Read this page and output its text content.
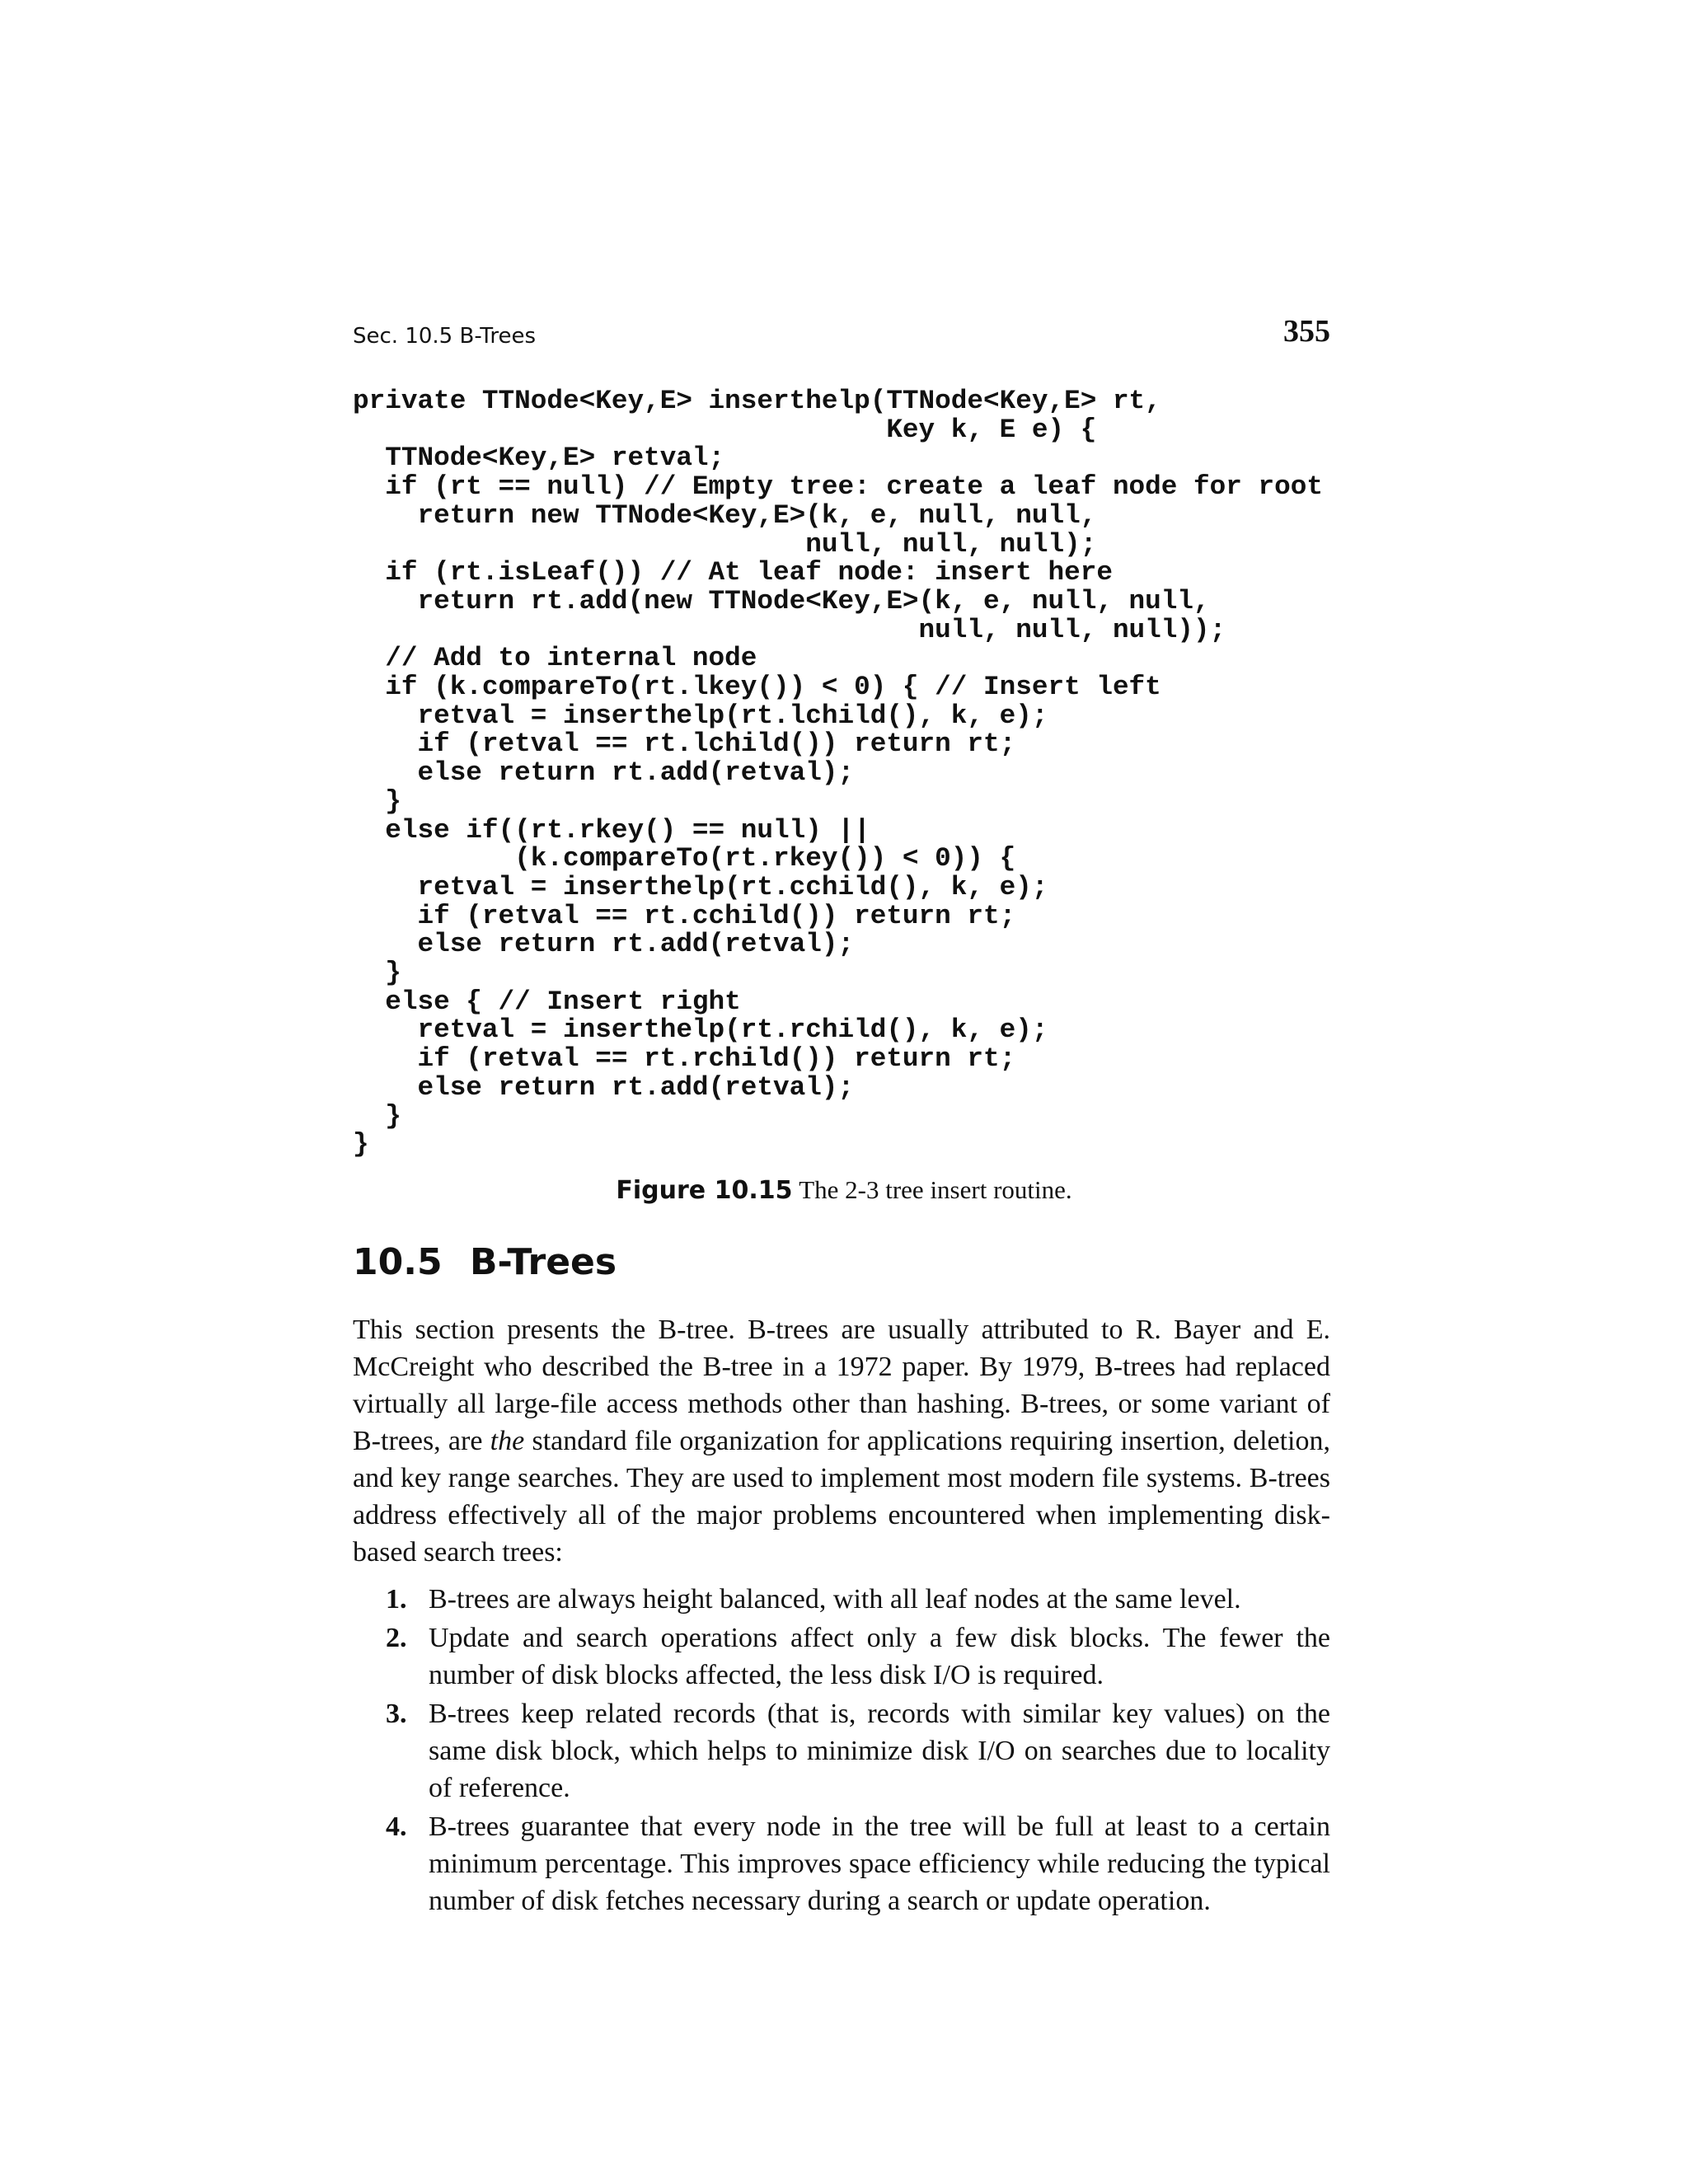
Sec. 10.5 B-Trees	355
private TTNode<Key,E> inserthelp(TTNode<Key,E> rt,
Key k, E e) {
TTNode<Key,E> retval;
if (rt == null) // Empty tree: create a leaf node for root
return new TTNode<Key,E>(k, e, null, null,
null, null, null);
if (rt.isLeaf()) // At leaf node: insert here
return rt.add(new TTNode<Key,E>(k, e, null, null,
null, null, null));
// Add to internal node
if (k.compareTo(rt.lkey()) < 0) { // Insert left
retval = inserthelp(rt.lchild(), k, e);
if (retval == rt.lchild()) return rt;
else return rt.add(retval);
}
else if((rt.rkey() == null) ||
(k.compareTo(rt.rkey()) < 0)) {
retval = inserthelp(rt.cchild(), k, e);
if (retval == rt.cchild()) return rt;
else return rt.add(retval);
}
else { // Insert right
retval = inserthelp(rt.rchild(), k, e);
if (retval == rt.rchild()) return rt;
else return rt.add(retval);
}
}
Figure 10.15 The 2-3 tree insert routine.
10.5 B-Trees

This section presents the B-tree. B-trees are usually attributed to R. Bayer and E. McCreight who described the B-tree in a 1972 paper. By 1979, B-trees had replaced virtually all large-file access methods other than hashing. B-trees, or some variant of B-trees, are the standard file organization for applications requiring insertion, deletion, and key range searches. They are used to implement most modern file systems. B-trees address effectively all of the major problems encountered when implementing disk-based search trees:

1. B-trees are always height balanced, with all leaf nodes at the same level.
2. Update and search operations affect only a few disk blocks. The fewer the number of disk blocks affected, the less disk I/O is required.
3. B-trees keep related records (that is, records with similar key values) on the same disk block, which helps to minimize disk I/O on searches due to locality of reference.
4. B-trees guarantee that every node in the tree will be full at least to a certain minimum percentage. This improves space efficiency while reducing the typical number of disk fetches necessary during a search or update operation.
